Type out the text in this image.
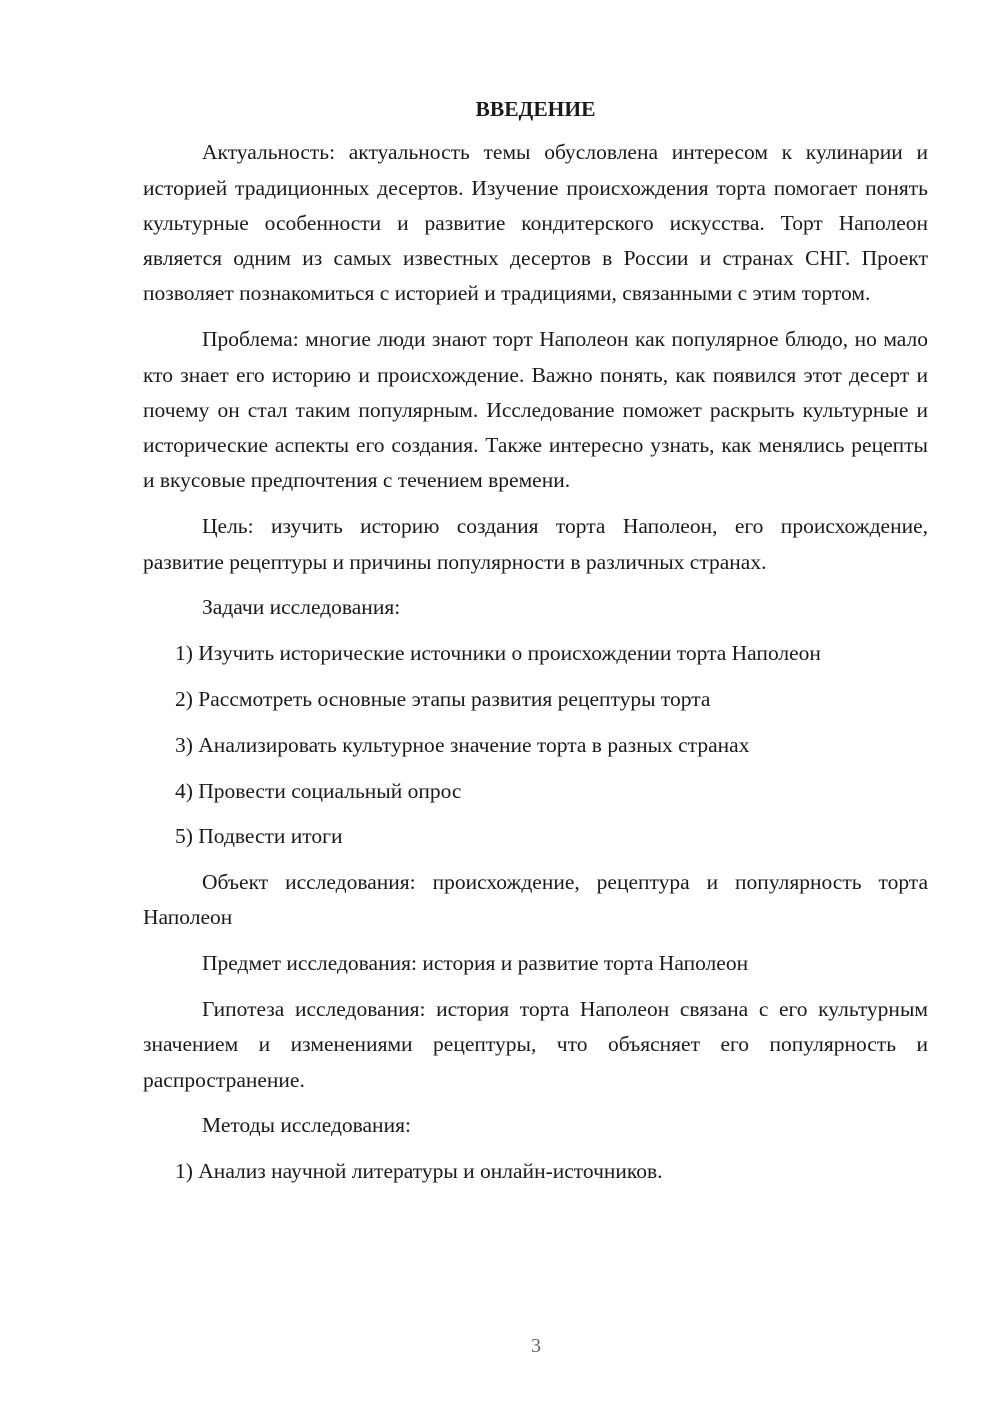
ВВЕДЕНИЕ
Актуальность: актуальность темы обусловлена интересом к кулинарии и историей традиционных десертов. Изучение происхождения торта помогает понять культурные особенности и развитие кондитерского искусства. Торт Наполеон является одним из самых известных десертов в России и странах СНГ. Проект позволяет познакомиться с историей и традициями, связанными с этим тортом.
Проблема: многие люди знают торт Наполеон как популярное блюдо, но мало кто знает его историю и происхождение. Важно понять, как появился этот десерт и почему он стал таким популярным. Исследование поможет раскрыть культурные и исторические аспекты его создания. Также интересно узнать, как менялись рецепты и вкусовые предпочтения с течением времени.
Цель: изучить историю создания торта Наполеон, его происхождение, развитие рецептуры и причины популярности в различных странах.
Задачи исследования:
1) Изучить исторические источники о происхождении торта Наполеон
2) Рассмотреть основные этапы развития рецептуры торта
3) Анализировать культурное значение торта в разных странах
4) Провести социальный опрос
5) Подвести итоги
Объект исследования: происхождение, рецептура и популярность торта Наполеон
Предмет исследования: история и развитие торта Наполеон
Гипотеза исследования: история торта Наполеон связана с его культурным значением и изменениями рецептуры, что объясняет его популярность и распространение.
Методы исследования:
1) Анализ научной литературы и онлайн-источников.
3
